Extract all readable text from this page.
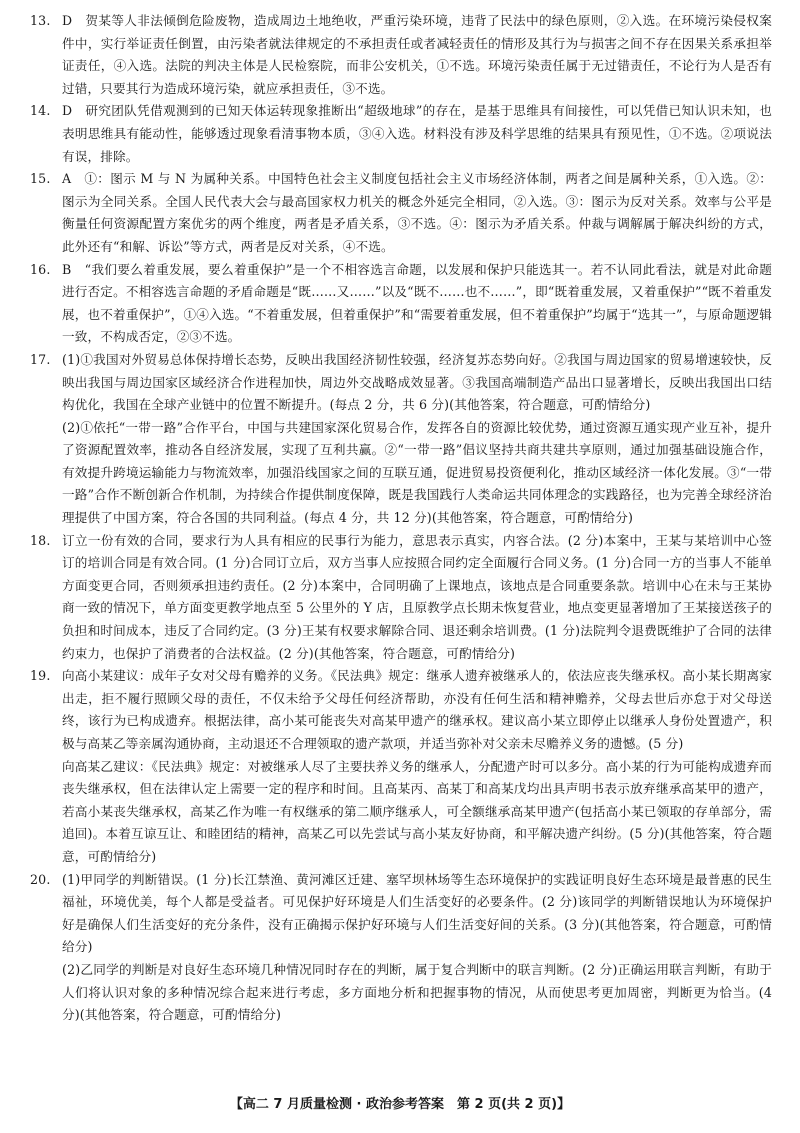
13. D　贺某等人非法倾倒危险废物，造成周边土地绝收，严重污染环境，违背了民法中的绿色原则，②入选。在环境污染侵权案件中，实行举证责任倒置，由污染者就法律规定的不承担责任或者减轻责任的情形及其行为与损害之间不存在因果关系承担举证责任，④入选。法院的判决主体是人民检察院，而非公安机关，①不选。环境污染责任属于无过错责任，不论行为人是否有过错，只要其行为造成环境污染，就应承担责任，③不选。

14. D　研究团队凭借观测到的已知天体运转现象推断出“超级地球”的存在，是基于思维具有间接性，可以凭借已知认识未知，也表明思维具有能动性，能够透过现象看清事物本质，③④入选。材料没有涉及科学思维的结果具有预见性，①不选。②项说法有误，排除。

15. A　①：图示 M 与 N 为属种关系。中国特色社会主义制度包括社会主义市场经济体制，两者之间是属种关系，①入选。②：图示为全同关系。全国人民代表大会与最高国家权力机关的概念外延完全相同，②入选。③：图示为反对关系。效率与公平是衡量任何资源配置方案优劣的两个维度，两者是矛盾关系，③不选。④：图示为矛盾关系。仲裁与调解属于解决纠纷的方式，此外还有“和解、诉讼”等方式，两者是反对关系，④不选。

16. B　“我们要么着重发展，要么着重保护”是一个不相容选言命题，以发展和保护只能选其一。若不认同此看法，就是对此命题进行否定。不相容选言命题的矛盾命题是“既……又……”以及“既不……也不……”，即“既着重发展，又着重保护”“既不着重发展，也不着重保护”，①④入选。“不着重发展，但着重保护”和“需要着重发展，但不着重保护”均属于“选其一”，与原命题逻辑一致，不构成否定，②③不选。

17. (1)①我国对外贸易总体保持增长态势，反映出我国经济韧性较强，经济复苏态势向好。②我国与周边国家的贸易增速较快，反映出我国与周边国家区域经济合作进程加快，周边外交战略成效显著。③我国高端制造产品出口显著增长，反映出我国出口结构优化，我国在全球产业链中的位置不断提升。(每点 2 分，共 6 分)(其他答案，符合题意，可酌情给分)

(2)①依托“一带一路”合作平台，中国与共建国家深化贸易合作，发挥各自的资源比较优势，通过资源互通实现产业互补，提升了资源配置效率，推动各自经济发展，实现了互利共赢。②“一带一路”倡议坚持共商共建共享原则，通过加强基础设施合作，有效提升跨境运输能力与物流效率，加强沿线国家之间的互联互通，促进贸易投资便利化，推动区域经济一体化发展。③“一带一路”合作不断创新合作机制，为持续合作提供制度保障，既是我国践行人类命运共同体理念的实践路径，也为完善全球经济治理提供了中国方案，符合各国的共同利益。(每点 4 分，共 12 分)(其他答案，符合题意，可酌情给分)

18. 订立一份有效的合同，要求行为人具有相应的民事行为能力，意思表示真实，内容合法。(2 分)本案中，王某与某培训中心签订的培训合同是有效合同。(1 分)合同订立后，双方当事人应按照合同约定全面履行合同义务。(1 分)合同一方的当事人不能单方面变更合同，否则须承担违约责任。(2 分)本案中，合同明确了上课地点，该地点是合同重要条款。培训中心在未与王某协商一致的情况下，单方面变更教学地点至 5 公里外的 Y 店，且原教学点长期未恢复营业，地点变更显著增加了王某接送孩子的负担和时间成本，违反了合同约定。(3 分)王某有权要求解除合同、退还剩余培训费。(1 分)法院判令退费既维护了合同的法律约束力，也保护了消费者的合法权益。(2 分)(其他答案，符合题意，可酌情给分)

19. 向高小某建议：成年子女对父母有赡养的义务。《民法典》规定：继承人遗弃被继承人的，依法应丧失继承权。高小某长期离家出走，拒不履行照顾父母的责任，不仅未给予父母任何经济帮助，亦没有任何生活和精神赡养，父母去世后亦怠于对父母送终，该行为已构成遗弃。根据法律，高小某可能丧失对高某甲遗产的继承权。建议高小某立即停止以继承人身份处置遗产，积极与高某乙等亲属沟通协商，主动退还不合理领取的遗产款项，并适当弥补对父亲未尽赡养义务的遗憾。(5 分)

向高某乙建议：《民法典》规定：对被继承人尽了主要扶养义务的继承人，分配遗产时可以多分。高小某的行为可能构成遗弃而丧失继承权，但在法律认定上需要一定的程序和时间。且高某丙、高某丁和高某戊均出具声明书表示放弃继承高某甲的遗产，若高小某丧失继承权，高某乙作为唯一有权继承的第二顺序继承人，可全额继承高某甲遗产(包括高小某已领取的存单部分，需追回)。本着互谅互让、和睦团结的精神，高某乙可以先尝试与高小某友好协商，和平解决遗产纠纷。(5 分)(其他答案，符合题意，可酌情给分)

20. (1)甲同学的判断错误。(1 分)长江禁渔、黄河滩区迁建、塞罕坝林场等生态环境保护的实践证明良好生态环境是最普惠的民生福祉，环境优美，每个人都是受益者。可见保护好环境是人们生活变好的必要条件。(2 分)该同学的判断错误地认为环境保护好是确保人们生活变好的充分条件，没有正确揭示保护好环境与人们生活变好间的关系。(3 分)(其他答案，符合题意，可酌情给分)

(2)乙同学的判断是对良好生态环境几种情况同时存在的判断，属于复合判断中的联言判断。(2 分)正确运用联言判断，有助于人们将认识对象的多种情况综合起来进行考虑，多方面地分析和把握事物的情况，从而使思考更加周密，判断更为恰当。(4 分)(其他答案，符合题意，可酌情给分)

【高二 7 月质量检测 · 政治参考答案　第 2 页(共 2 页)】
